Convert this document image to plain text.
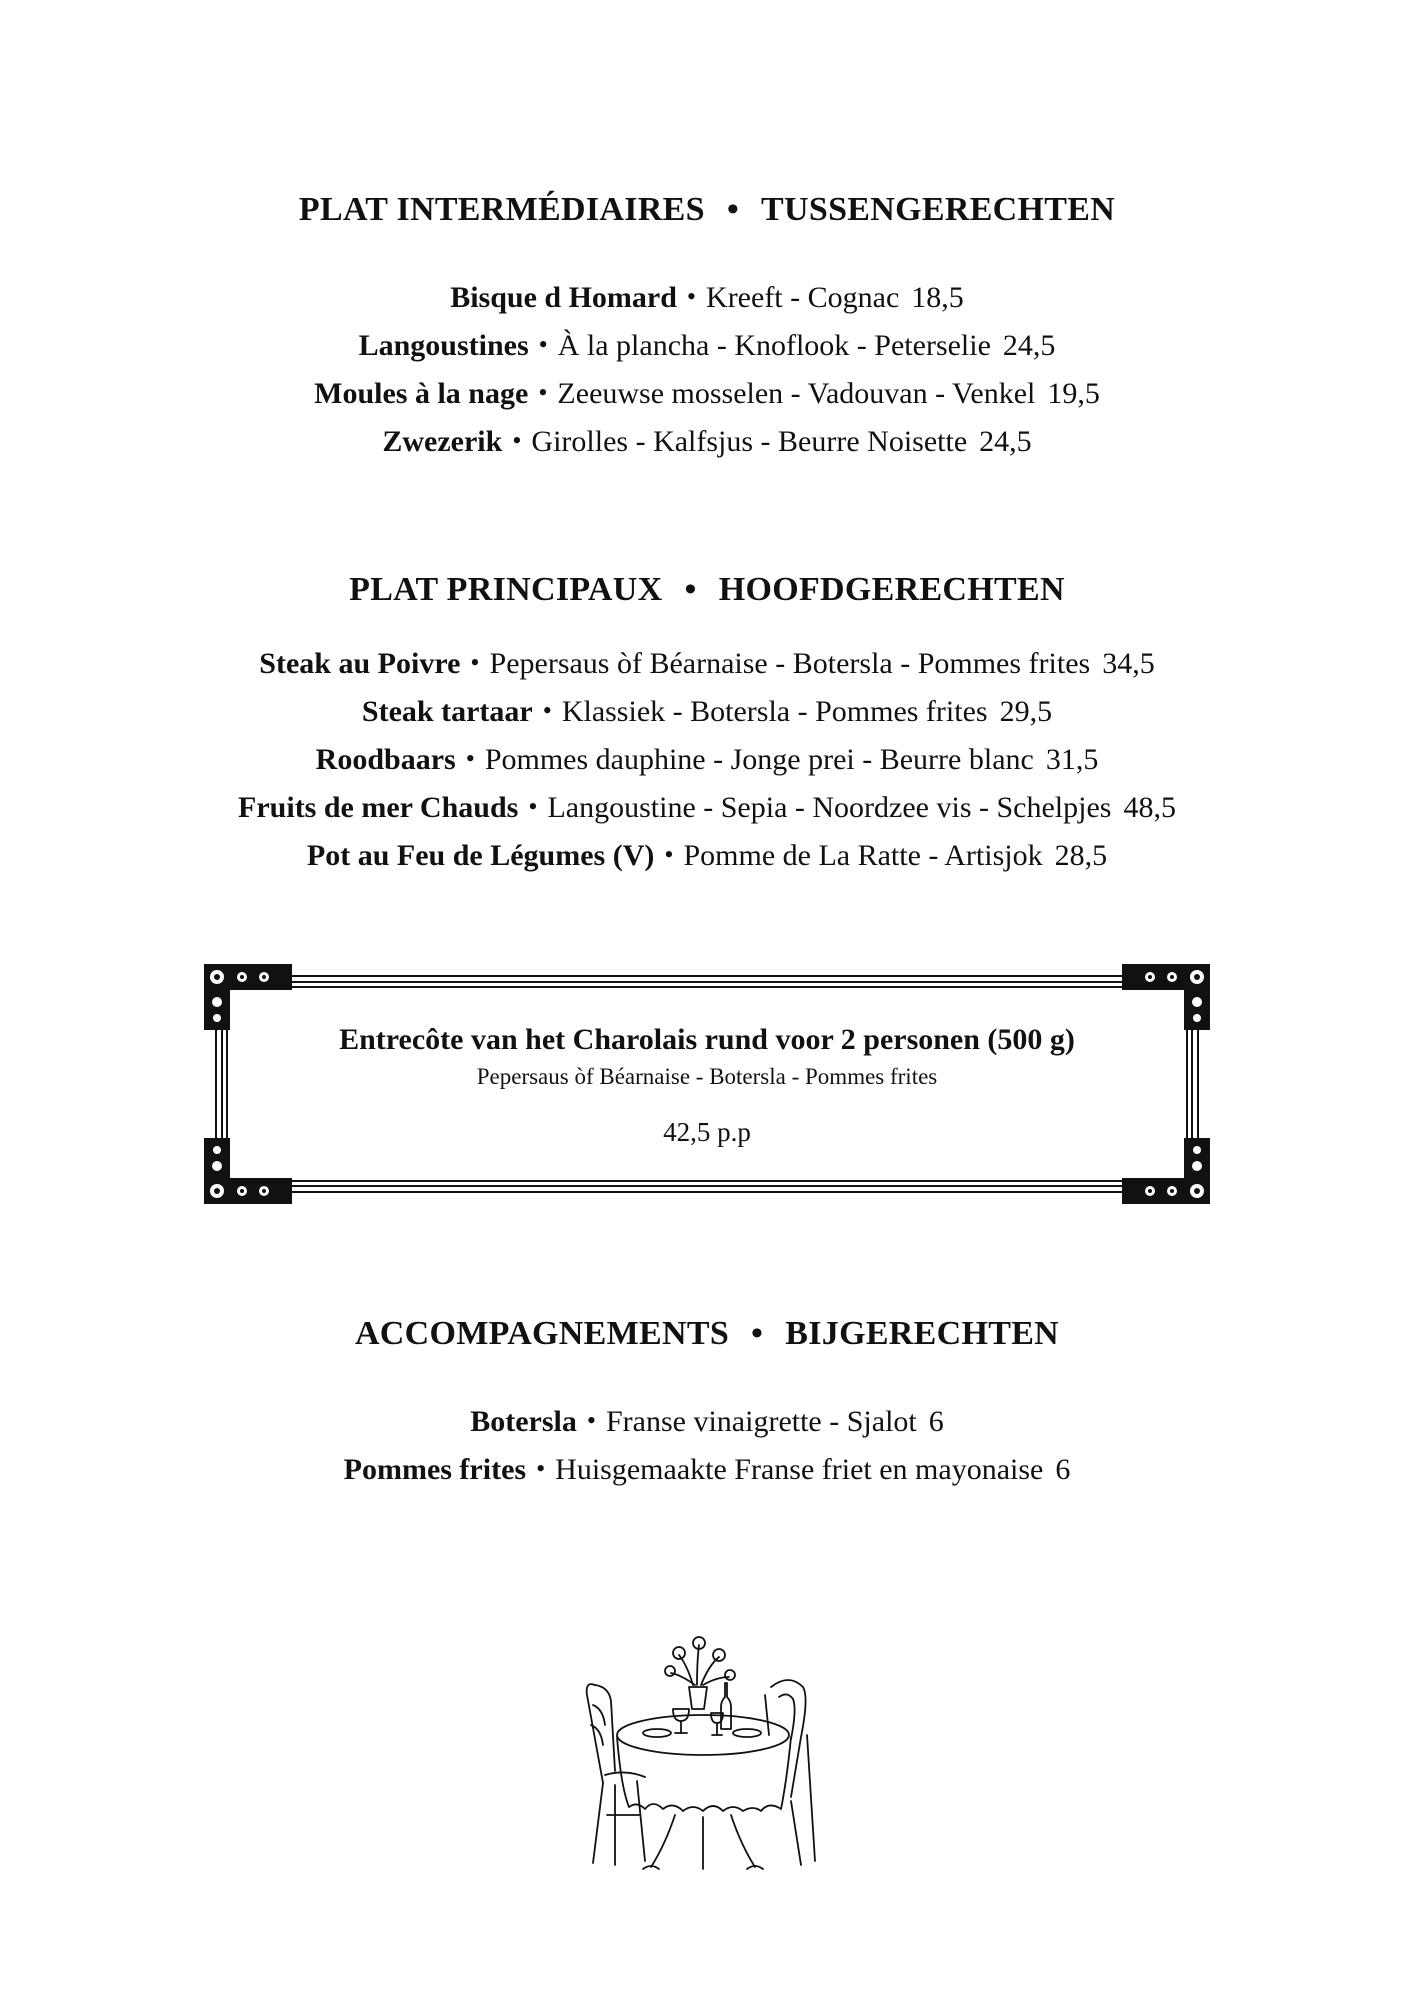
PLAT INTERMÉDIAIRES • TUSSENGERECHTEN
Bisque d Homard • Kreeft - Cognac 18,5
Langoustines • À la plancha - Knoflook - Peterselie 24,5
Moules à la nage • Zeeuwse mosselen - Vadouvan - Venkel 19,5
Zwezerik • Girolles - Kalfsjus - Beurre Noisette 24,5
PLAT PRINCIPAUX • HOOFDGERECHTEN
Steak au Poivre • Pepersaus òf Béarnaise - Botersla - Pommes frites 34,5
Steak tartaar • Klassiek - Botersla - Pommes frites 29,5
Roodbaars • Pommes dauphine - Jonge prei - Beurre blanc 31,5
Fruits de mer Chauds • Langoustine - Sepia - Noordzee vis - Schelpjes 48,5
Pot au Feu de Légumes (V) • Pomme de La Ratte - Artisjok 28,5
Entrecôte van het Charolais rund voor 2 personen (500 g)
Pepersaus òf Béarnaise - Botersla - Pommes frites
42,5 p.p
ACCOMPAGNEMENTS • BIJGERECHTEN
Botersla • Franse vinaigrette - Sjalot 6
Pommes frites • Huisgemaakte Franse friet en mayonaise 6
